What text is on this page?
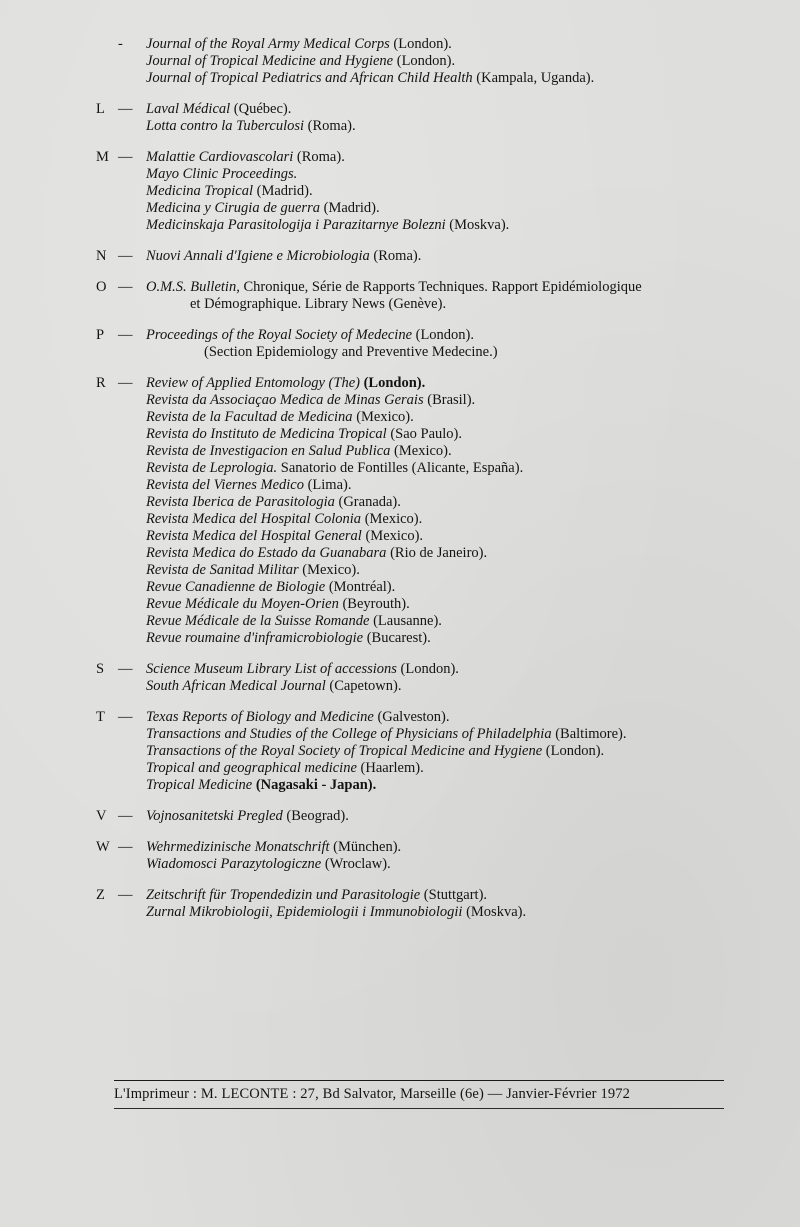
-	Journal of the Royal Army Medical Corps (London).
Journal of Tropical Medicine and Hygiene (London).
Journal of Tropical Pediatrics and African Child Health (Kampala, Uganda).
L — Laval Médical (Québec).
Lotta contro la Tuberculosi (Roma).
M — Malattie Cardiovascolari (Roma).
Mayo Clinic Proceedings.
Medicina Tropical (Madrid).
Medicina y Cirugia de guerra (Madrid).
Medicinskaja Parasitologija i Parazitarnye Bolezni (Moskva).
N — Nuovi Annali d'Igiene e Microbiologia (Roma).
O — O.M.S. Bulletin, Chronique, Série de Rapports Techniques. Rapport Epidémiologique
et Démographique. Library News (Genève).
P — Proceedings of the Royal Society of Medecine (London).
(Section Epidemiology and Preventive Medecine.)
R — Review of Applied Entomology (The) (London).
Revista da Associaçao Medica de Minas Gerais (Brasil).
Revista de la Facultad de Medicina (Mexico).
Revista do Instituto de Medicina Tropical (Sao Paulo).
Revista de Investigacion en Salud Publica (Mexico).
Revista de Leprologia. Sanatorio de Fontilles (Alicante, España).
Revista del Viernes Medico (Lima).
Revista Iberica de Parasitologia (Granada).
Revista Medica del Hospital Colonia (Mexico).
Revista Medica del Hospital General (Mexico).
Revista Medica do Estado da Guanabara (Rio de Janeiro).
Revista de Sanitad Militar (Mexico).
Revue Canadienne de Biologie (Montréal).
Revue Médicale du Moyen-Orien (Beyrouth).
Revue Médicale de la Suisse Romande (Lausanne).
Revue roumaine d'inframicrobiologie (Bucarest).
S — Science Museum Library List of accessions (London).
South African Medical Journal (Capetown).
T — Texas Reports of Biology and Medicine (Galveston).
Transactions and Studies of the College of Physicians of Philadelphia (Baltimore).
Transactions of the Royal Society of Tropical Medicine and Hygiene (London).
Tropical and geographical medicine (Haarlem).
Tropical Medicine (Nagasaki - Japan).
V — Vojnosanitetski Pregled (Beograd).
W — Wehrmedizinische Monatschrift (München).
Wiadomosci Parazytologiczne (Wroclaw).
Z — Zeitschrift für Tropendedizin und Parasitologie (Stuttgart).
Zurnal Mikrobiologii, Epidemiologii i Immunobiologii (Moskva).
L'Imprimeur : M. LECONTE : 27, Bd Salvator, Marseille (6e) — Janvier-Février 1972
